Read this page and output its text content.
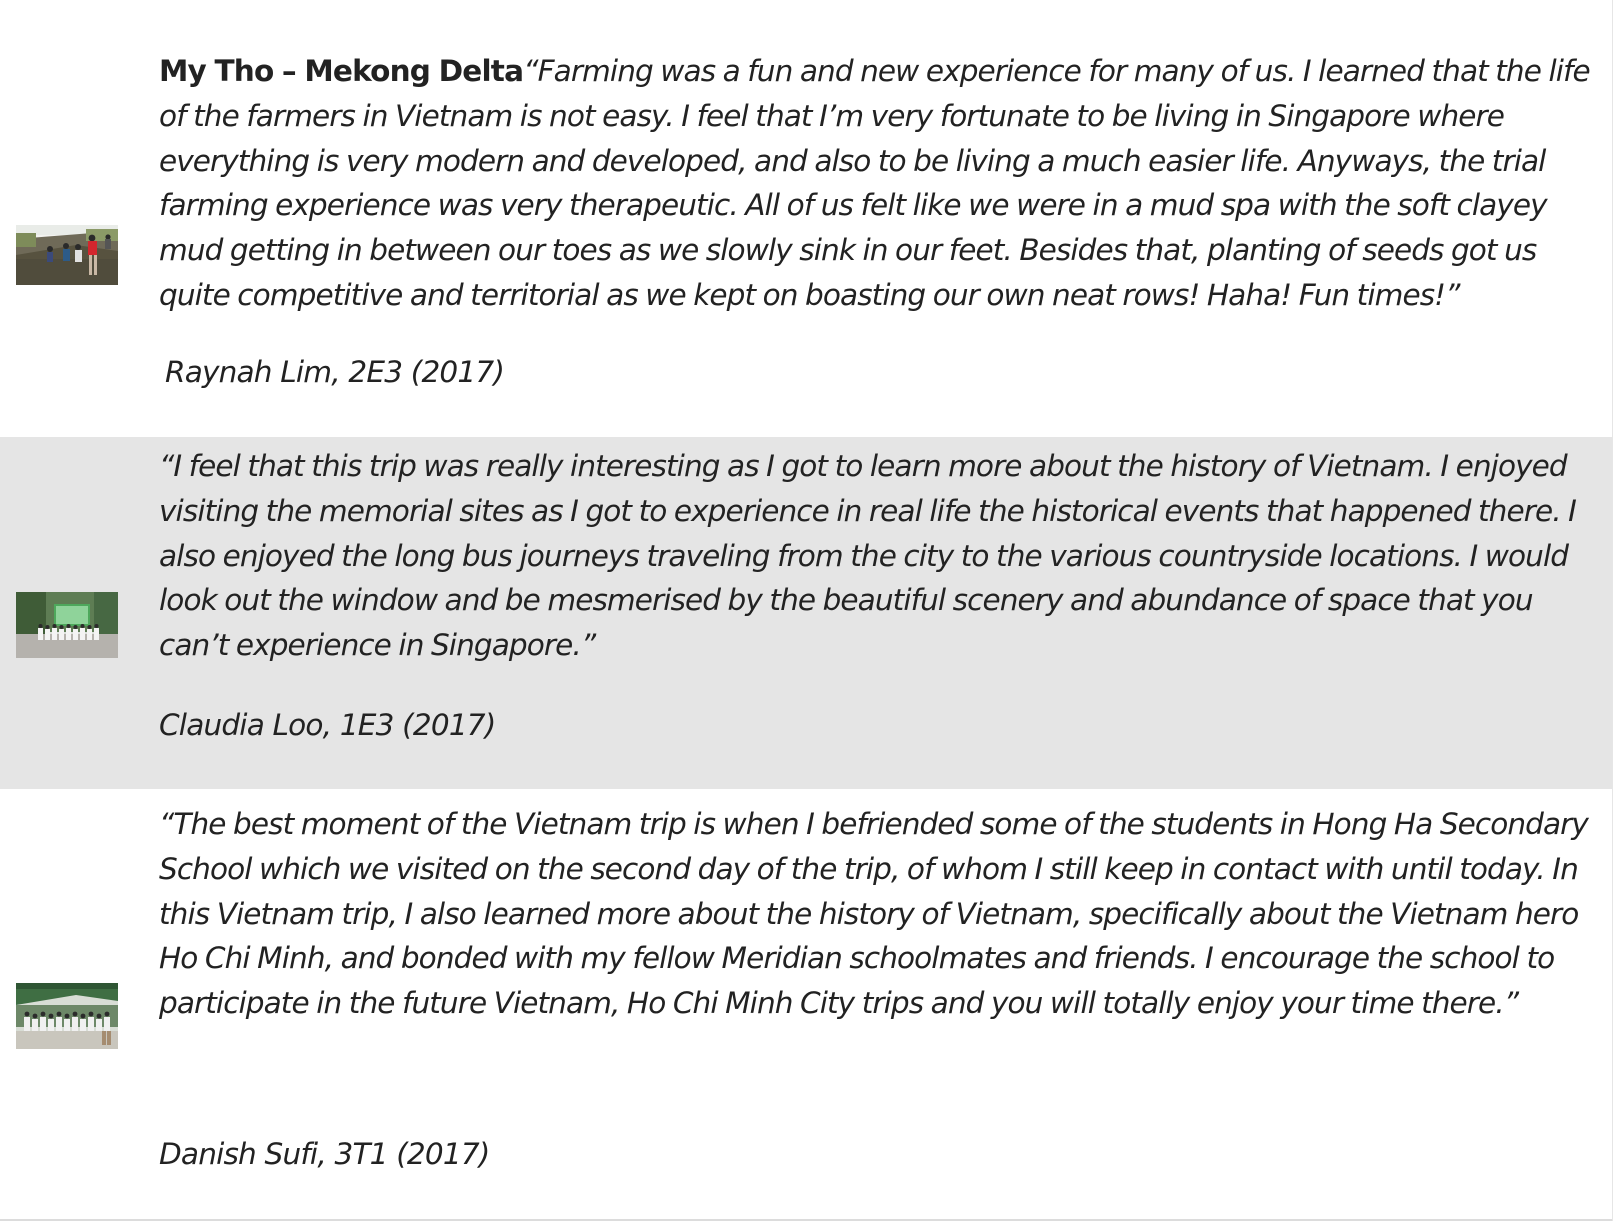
My Tho – Mekong Delta“Farming was a fun and new experience for many of us. I learned that the life of the farmers in Vietnam is not easy. I feel that I’m very fortunate to be living in Singapore where everything is very modern and developed, and also to be living a much easier life. Anyways, the trial farming experience was very therapeutic. All of us felt like we were in a mud spa with the soft clayey mud getting in between our toes as we slowly sink in our feet. Besides that, planting of seeds got us quite competitive and territorial as we kept on boasting our own neat rows! Haha! Fun times!”

Raynah Lim, 2E3 (2017)

“I feel that this trip was really interesting as I got to learn more about the history of Vietnam. I enjoyed visiting the memorial sites as I got to experience in real life the historical events that happened there. I also enjoyed the long bus journeys traveling from the city to the various countryside locations. I would look out the window and be mesmerised by the beautiful scenery and abundance of space that you can’t experience in Singapore.”

Claudia Loo, 1E3 (2017)

“The best moment of the Vietnam trip is when I befriended some of the students in Hong Ha Secondary School which we visited on the second day of the trip, of whom I still keep in contact with until today. In this Vietnam trip, I also learned more about the history of Vietnam, specifically about the Vietnam hero Ho Chi Minh, and bonded with my fellow Meridian schoolmates and friends. I encourage the school to participate in the future Vietnam, Ho Chi Minh City trips and you will totally enjoy your time there.”

Danish Sufi, 3T1 (2017)
